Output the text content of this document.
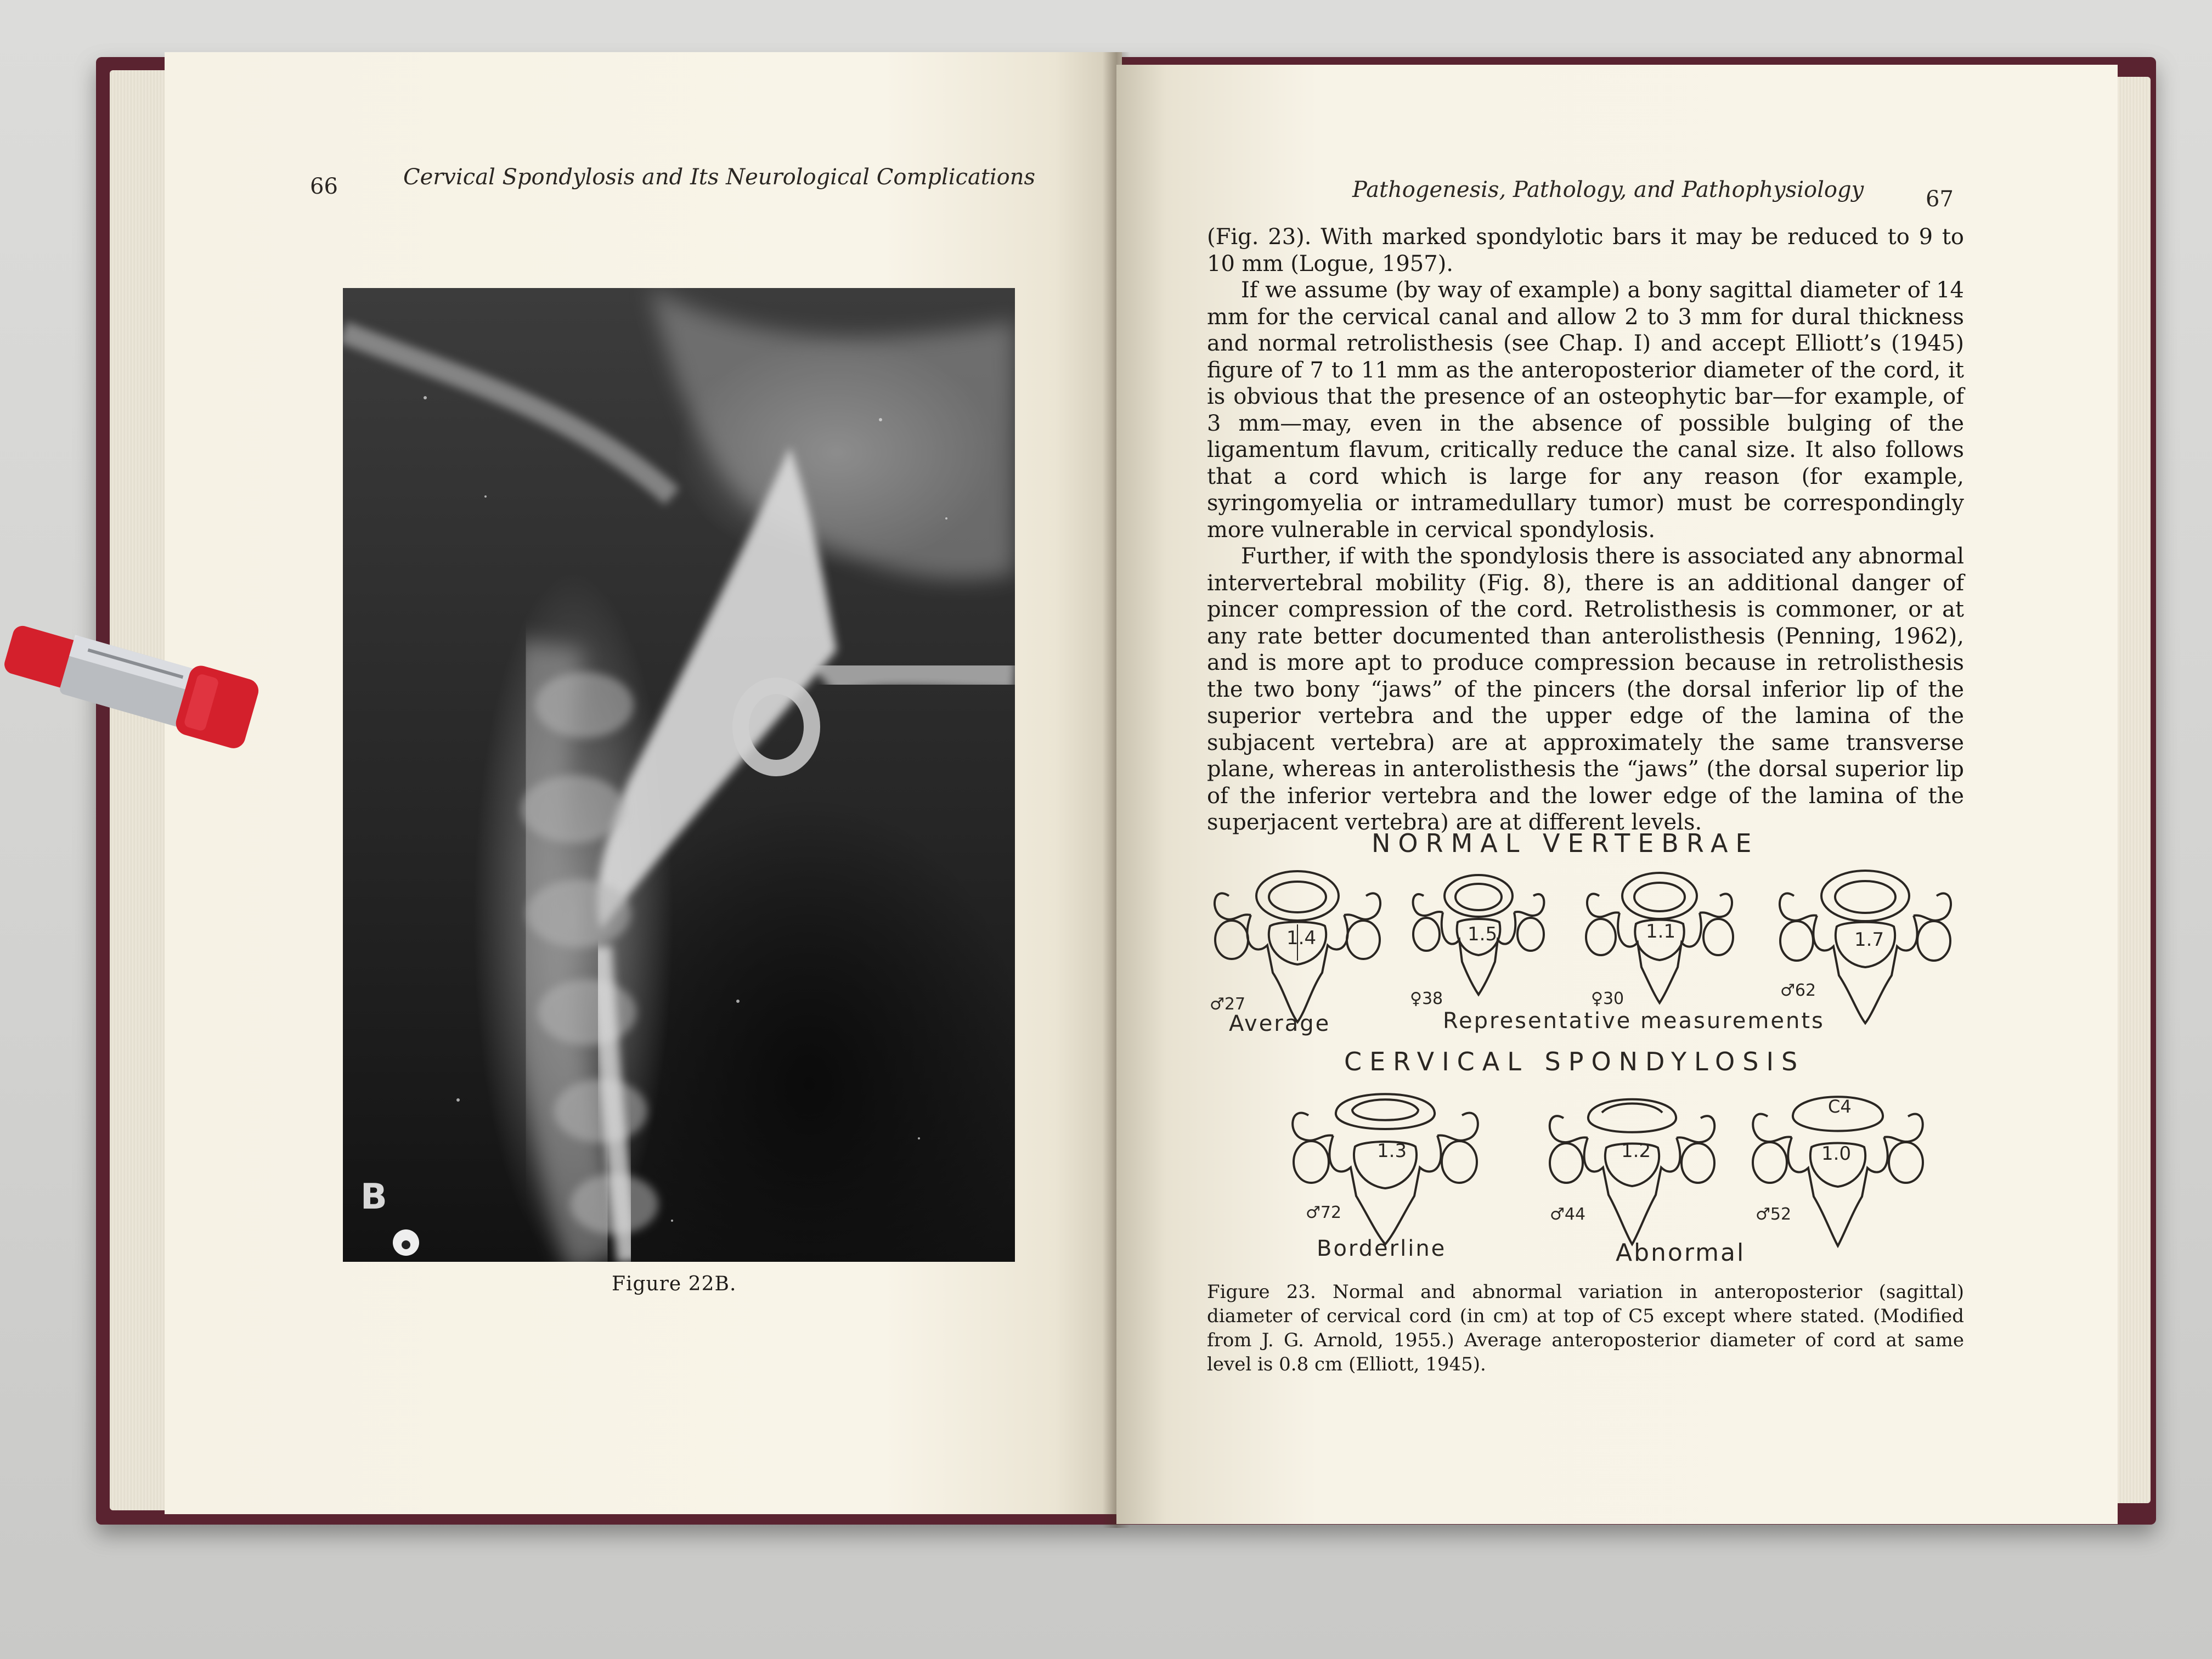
66	Cervical Spondylosis and Its Neurological Complications
B
Figure 22B.
Pathogenesis, Pathology, and Pathophysiology	67

(Fig. 23). With marked spondylotic bars it may be reduced to 9 to 10 mm (Logue, 1957).

If we assume (by way of example) a bony sagittal diameter of 14 mm for the cervical canal and allow 2 to 3 mm for dural thickness and normal retrolisthesis (see Chap. I) and accept Elliott’s (1945) figure of 7 to 11 mm as the anteroposterior diameter of the cord, it is obvious that the presence of an osteophytic bar—for example, of 3 mm—may, even in the absence of possible bulging of the ligamentum flavum, critically reduce the canal size. It also follows that a cord which is large for any reason (for example, syringomyelia or intramedullary tumor) must be correspondingly more vulnerable in cervical spondylosis.

Further, if with the spondylosis there is associated any abnormal intervertebral mobility (Fig. 8), there is an additional danger of pincer compression of the cord. Retrolisthesis is commoner, or at any rate better documented than anterolisthesis (Penning, 1962), and is more apt to produce compression because in retrolisthesis the two bony “jaws” of the pincers (the dorsal inferior lip of the superior vertebra and the upper edge of the lamina of the subjacent vertebra) are at approximately the same transverse plane, whereas in anterolisthesis the “jaws” (the dorsal superior lip of the inferior vertebra and the lower edge of the lamina of the superjacent vertebra) are at different levels.

NORMAL VERTEBRAE
1.4
♂27
1.5
♀38
1.1
♀30
1.7
♂62
Average	Representative measurements
CERVICAL SPONDYLOSIS
1.3
♂72
1.2
♂44
C4
1.0
♂52
Borderline	Abnormal
Figure 23. Normal and abnormal variation in anteroposterior (sagittal) diameter of cervical cord (in cm) at top of C5 except where stated. (Modified from J. G. Arnold, 1955.) Average anteroposterior diameter of cord at same level is 0.8 cm (Elliott, 1945).
